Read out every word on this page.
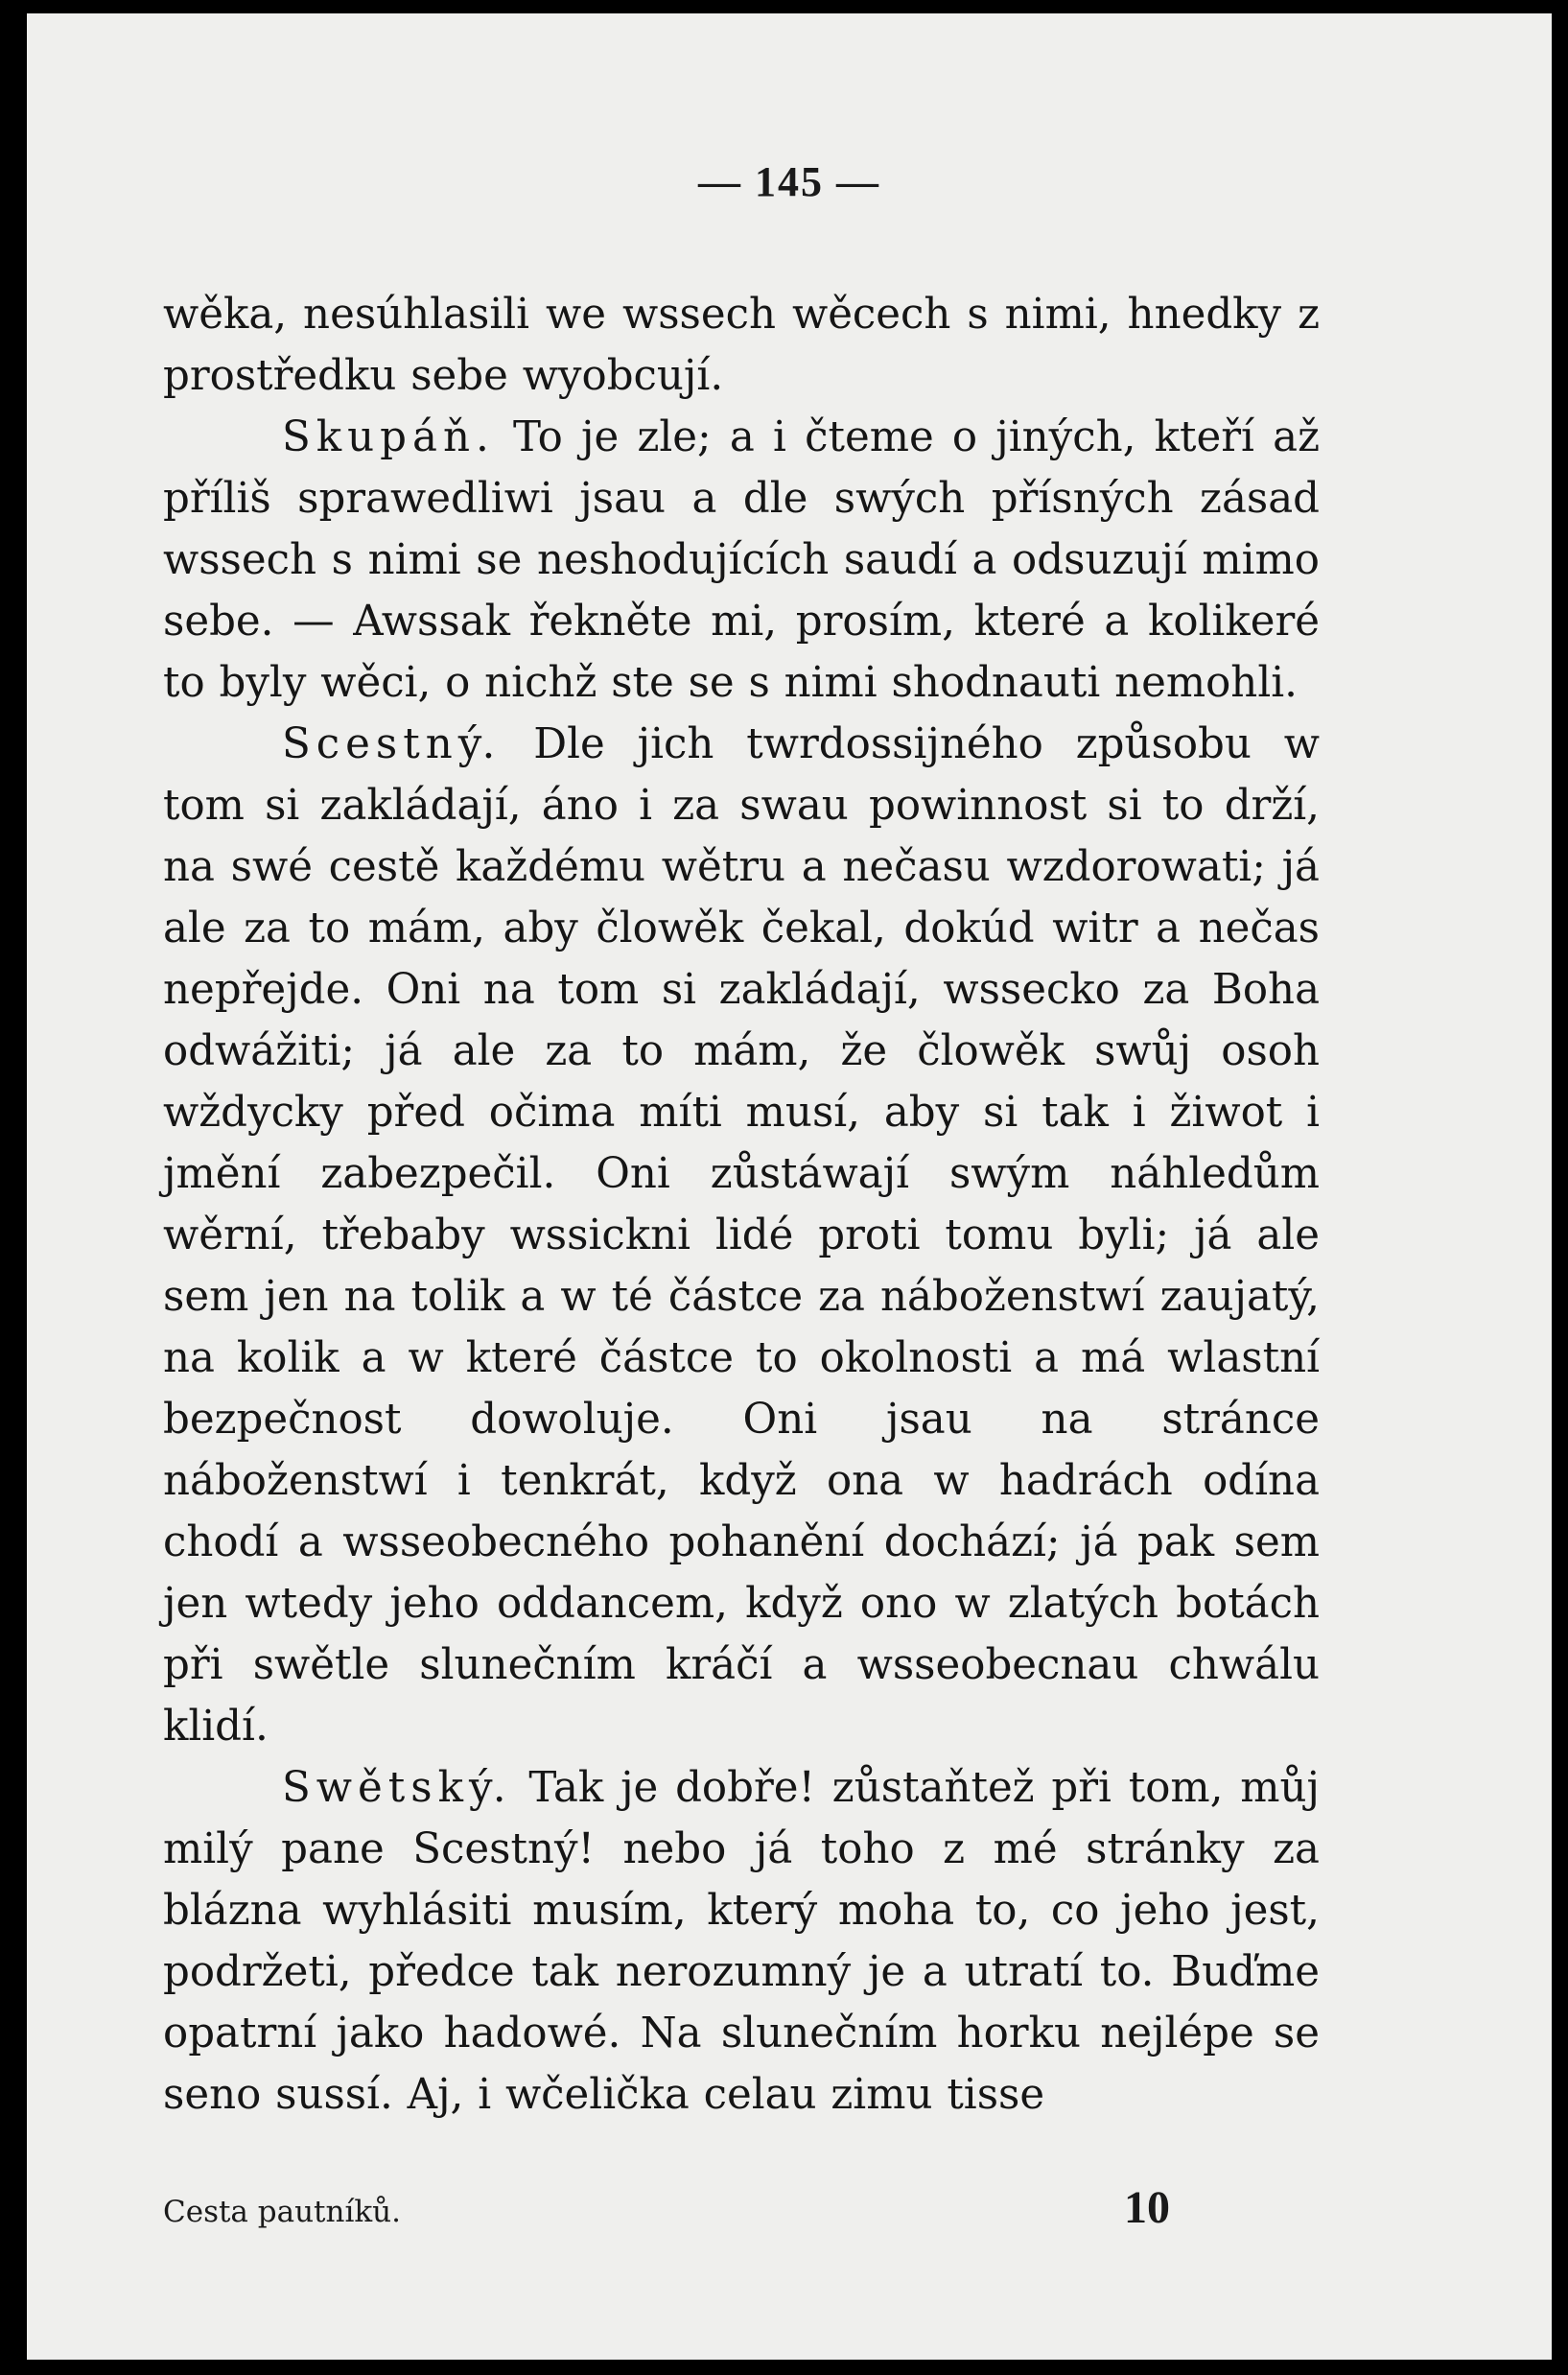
— 145 —

wěka, nesúhlasili we wssech wěcech s nimi, hnedky z prostředku sebe wyobcují.

Skupáň. To je zle; a i čteme o jiných, kteří až příliš sprawedliwi jsau a dle swých přísných zásad wssech s nimi se neshodujících saudí a odsuzují mimo sebe. — Awssak řekněte mi, prosím, které a kolikeré to byly wěci, o nichž ste se s nimi shodnauti nemohli.

Scestný. Dle jich twrdossijného způsobu w tom si zakládají, áno i za swau powinnost si to drží, na swé cestě každému wětru a nečasu wzdorowati; já ale za to mám, aby člowěk čekal, dokúd witr a nečas nepřejde. Oni na tom si zakládají, wssecko za Boha odwážiti; já ale za to mám, že člowěk swůj osoh wždycky před očima míti musí, aby si tak i žiwot i jmění zabezpečil. Oni zůstáwají swým náhledům wěrní, třebaby wssickni lidé proti tomu byli; já ale sem jen na tolik a w té částce za náboženstwí zaujatý, na kolik a w které částce to okolnosti a má wlastní bezpečnost dowoluje. Oni jsau na stránce náboženstwí i tenkrát, když ona w hadrách odína chodí a wsseobecného pohanění dochází; já pak sem jen wtedy jeho oddancem, když ono w zlatých botách při swětle slunečním kráčí a wsseobecnau chwálu klidí.

Swětský. Tak je dobře! zůstaňtež při tom, můj milý pane Scestný! nebo já toho z mé stránky za blázna wyhlásiti musím, který moha to, co jeho jest, podržeti, předce tak nerozumný je a utratí to. Buďme opatrní jako hadowé. Na slunečním horku nejlépe se seno sussí. Aj, i wčelička celau zimu tisse

Cesta pautníků.	10
